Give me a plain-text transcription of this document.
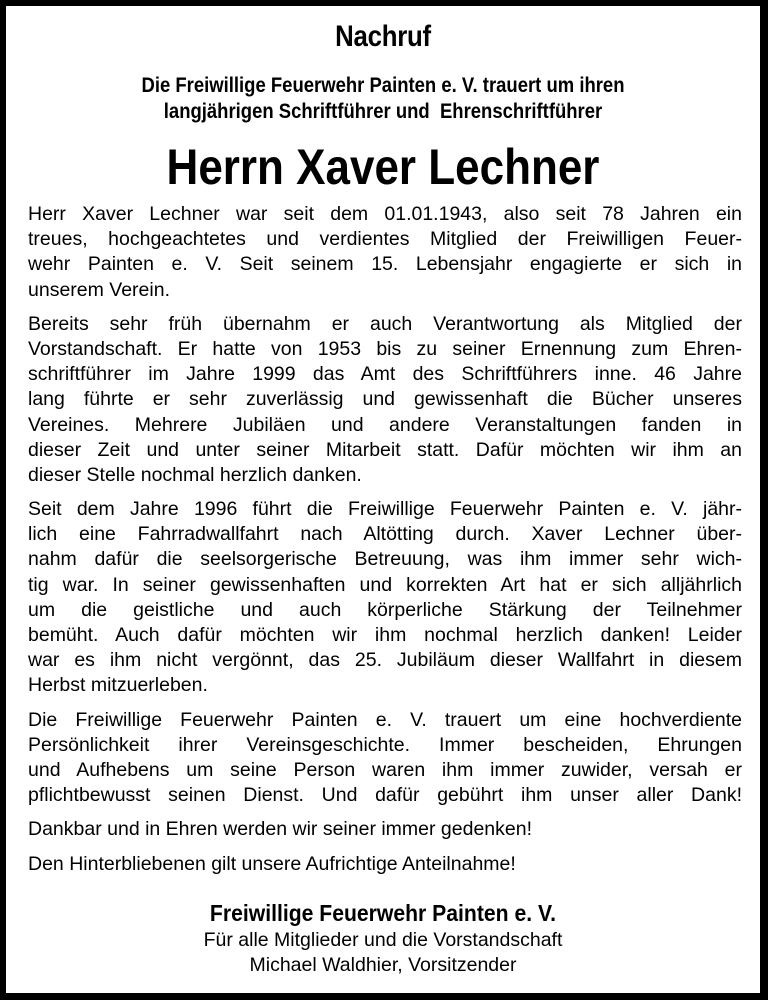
Nachruf
Die Freiwillige Feuerwehr Painten e. V. trauert um ihren
langjährigen Schriftführer und  Ehrenschriftführer
Herrn Xaver Lechner
Herr Xaver Lechner war seit dem 01.01.1943, also seit 78 Jahren ein
treues, hochgeachtetes und verdientes Mitglied der Freiwilligen Feuer-
wehr Painten e. V. Seit seinem 15. Lebensjahr engagierte er sich in
unserem Verein.
Bereits sehr früh übernahm er auch Verantwortung als Mitglied der
Vorstandschaft. Er hatte von 1953 bis zu seiner Ernennung zum Ehren-
schriftführer im Jahre 1999 das Amt des Schriftführers inne. 46 Jahre
lang führte er sehr zuverlässig und gewissenhaft die Bücher unseres
Vereines. Mehrere Jubiläen und andere Veranstaltungen fanden in
dieser Zeit und unter seiner Mitarbeit statt. Dafür möchten wir ihm an
dieser Stelle nochmal herzlich danken.
Seit dem Jahre 1996 führt die Freiwillige Feuerwehr Painten e. V. jähr-
lich eine Fahrradwallfahrt nach Altötting durch. Xaver Lechner über-
nahm dafür die seelsorgerische Betreuung, was ihm immer sehr wich-
tig war. In seiner gewissenhaften und korrekten Art hat er sich alljährlich
um die geistliche und auch körperliche Stärkung der Teilnehmer
bemüht. Auch dafür möchten wir ihm nochmal herzlich danken! Leider
war es ihm nicht vergönnt, das 25. Jubiläum dieser Wallfahrt in diesem
Herbst mitzuerleben.
Die Freiwillige Feuerwehr Painten e. V. trauert um eine hochverdiente
Persönlichkeit ihrer Vereinsgeschichte. Immer bescheiden, Ehrungen
und Aufhebens um seine Person waren ihm immer zuwider, versah er
pflichtbewusst seinen Dienst. Und dafür gebührt ihm unser aller Dank!
Dankbar und in Ehren werden wir seiner immer gedenken!
Den Hinterbliebenen gilt unsere Aufrichtige Anteilnahme!
Freiwillige Feuerwehr Painten e. V.
Für alle Mitglieder und die Vorstandschaft
Michael Waldhier, Vorsitzender
